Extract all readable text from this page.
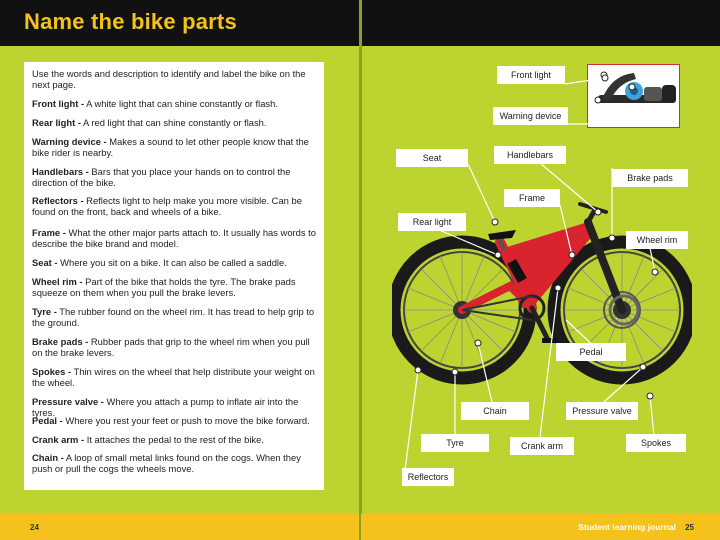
Name the bike parts
Use the words and description to identify and label the bike on the next page.
Front light - A white light that can shine constantly or flash.
Rear light - A red light that can shine constantly or flash.
Warning device - Makes a sound to let other people know that the bike rider is nearby.
Handlebars - Bars that you place your hands on to control the direction of the bike.
Reflectors - Reflects light to help make you more visible. Can be found on the front, back and wheels of a bike.
Frame - What the other major parts attach to. It usually has words to describe the bike brand and model.
Seat - Where you sit on a bike. It can also be called a saddle.
Wheel rim - Part of the bike that holds the tyre. The brake pads squeeze on them when you pull the brake levers.
Tyre - The rubber found on the wheel rim. It has tread to help grip to the ground.
Brake pads - Rubber pads that grip to the wheel rim when you pull on the brake levers.
Spokes - Thin wires on the wheel that help distribute your weight on the wheel.
Pressure valve - Where you attach a pump to inflate air into the tyres.
Pedal - Where you rest your feet or push to move the bike forward.
Crank arm - It attaches the pedal to the rest of the bike.
Chain - A loop of small metal links found on the cogs. When they push or pull the cogs the wheels move.
24
Front light
Warning device
Handlebars
Seat
Brake pads
Frame
Rear light
Wheel rim
Pedal
Chain	Pressure valve
Tyre	Crank arm	Spokes
Reflectors
Student learning journal 25
